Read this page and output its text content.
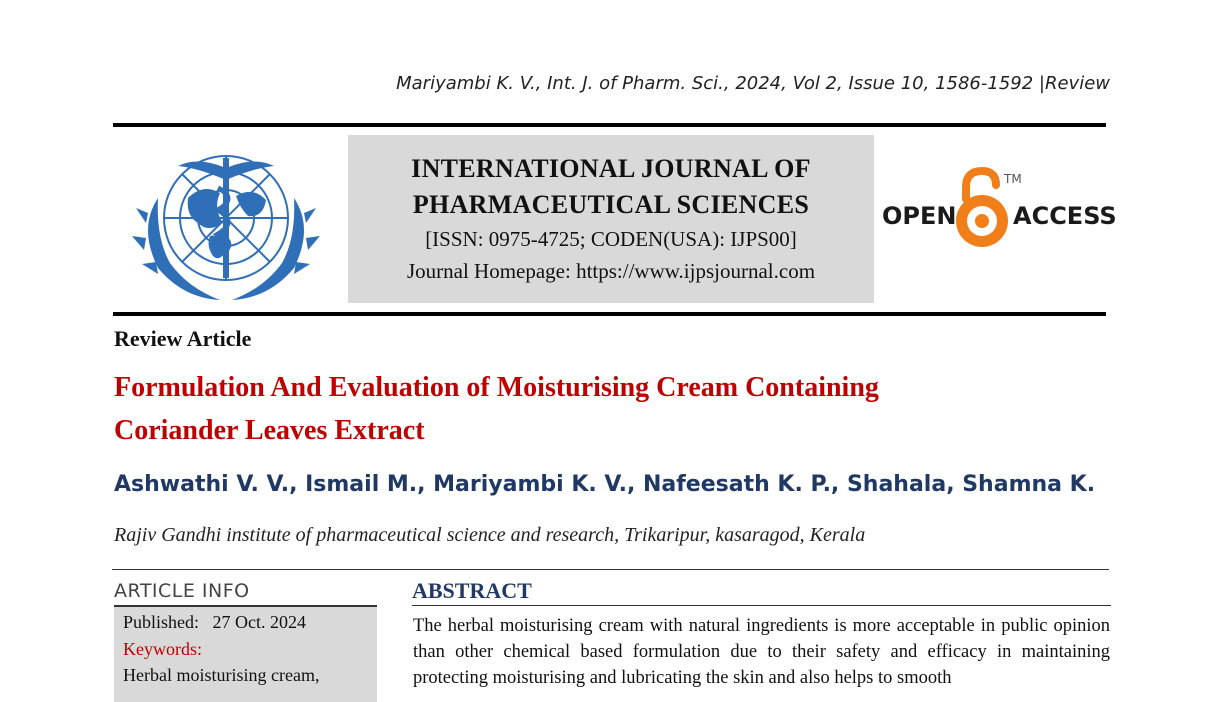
Mariyambi K. V., Int. J. of Pharm. Sci., 2024, Vol 2, Issue 10, 1586-1592 |Review
INTERNATIONAL JOURNAL OF
PHARMACEUTICAL SCIENCES
[ISSN: 0975-4725; CODEN(USA): IJPS00]
Journal Homepage: https://www.ijpsjournal.com
OPEN
TM
ACCESS
Review Article
Formulation And Evaluation of Moisturising Cream Containing
Coriander Leaves Extract
Ashwathi V. V., Ismail M., Mariyambi K. V., Nafeesath K. P., Shahala, Shamna K.
Rajiv Gandhi institute of pharmaceutical science and research, Trikaripur, kasaragod, Kerala
ARTICLE INFO
Published: 27 Oct. 2024
Keywords:
Herbal moisturising cream,
ABSTRACT
The herbal moisturising cream with natural ingredients is more acceptable in public opinion than other chemical based formulation due to their safety and efficacy in maintaining protecting moisturising and lubricating the skin and also helps to smooth
